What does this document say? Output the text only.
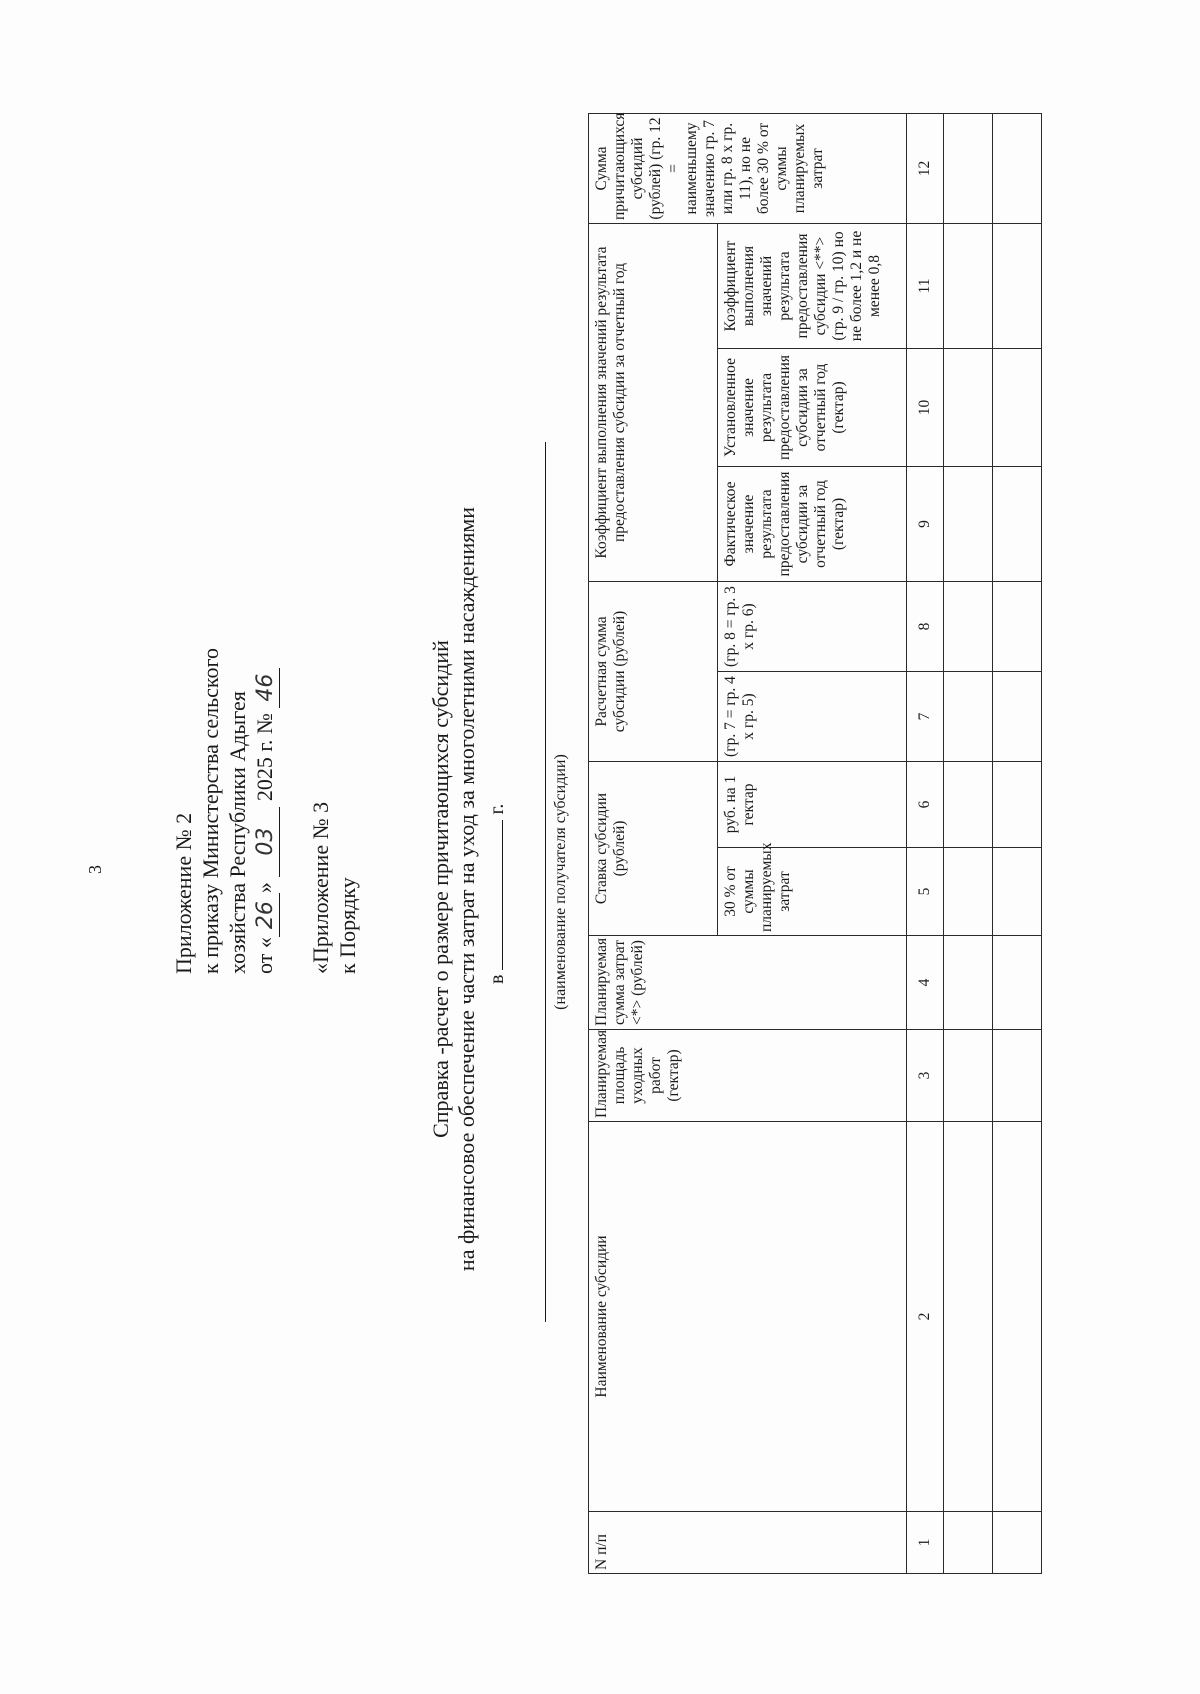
3	Приложение № 2 к приказу Министерства сельского хозяйства Республики Адыгея от «26» 03 2025 г. № 46
«Приложение № 3 к Порядку	Справка -расчет о размере причитающихся субсидий на финансовое обеспечение части затрат на уход за многолетними насаждениями в  г.	(наименование получателя субсидии)
N п/п	Наименование субсидии	Планируемая площадь уходных работ (гектар)	Планируемая сумма затрат <*> (рублей)	Ставка субсидии (рублей)		Расчетная сумма субсидии (рублей)		Коэффициент выполнения значений результата предоставления субсидии за отчетный год			Сумма причитающихся субсидий (рублей) (гр. 12 = наименьшему значению гр. 7 или гр. 8 х гр. 11), но не более 30 % от суммы планируемых затрат
				30 % от суммы планируемых затрат	руб. на 1 гектар	(гр. 7 = гр. 4 х гр. 5)	(гр. 8 = гр. 3 х гр. 6)	Фактическое значение результата предоставления субсидии за отчетный год (гектар)	Установленное значение результата предоставления субсидии за отчетный год (гектар)	Коэффициент выполнения значений результата предоставления субсидии <**> (гр. 9 / гр. 10) но не более 1,2 и не менее 0,8	
1	2	3	4	5	6	7	8	9	10	11	12
